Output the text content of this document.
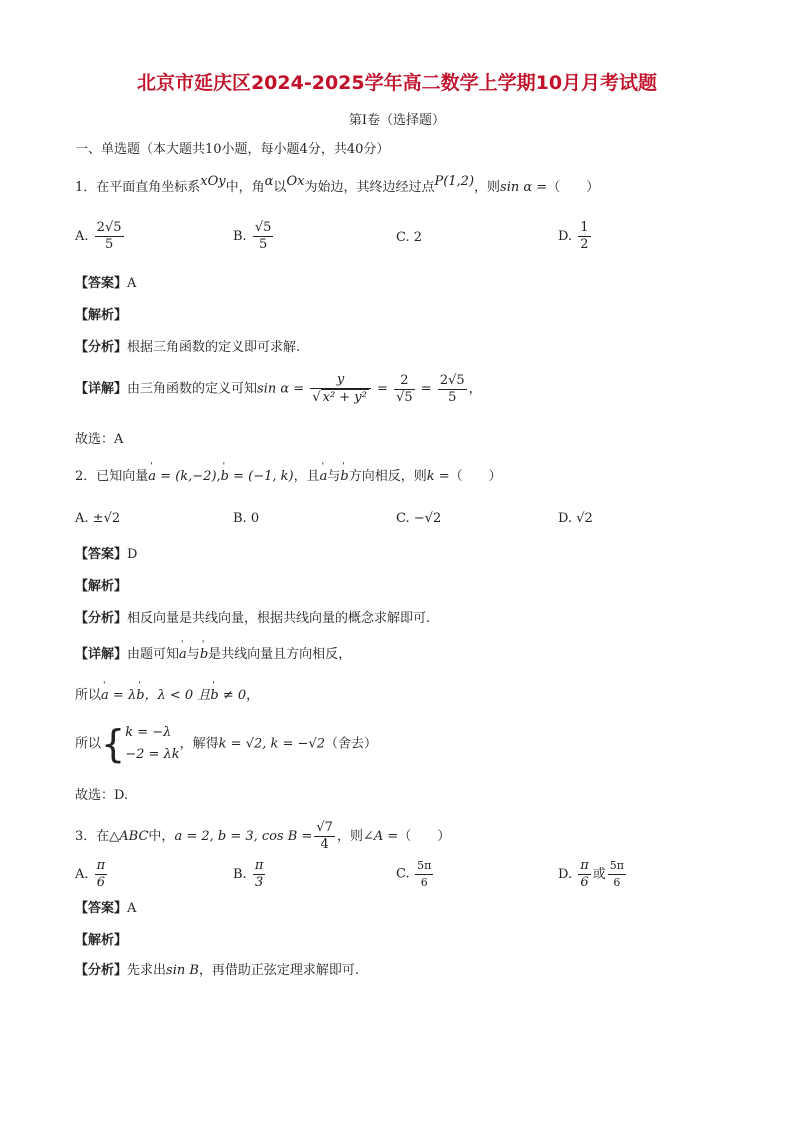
北京市延庆区2024-2025学年高二数学上学期10月月考试题
第I卷（选择题）
一、单选题（本大题共10小题，每小题4分，共40分）
1．在平面直角坐标系xOy中，角α以Ox为始边，其终边经过点P(1,2)，则sin α =（　　）
A. $\frac{2√5}{5}$	B. $\frac{√5}{5}$	C. 2	D. $\frac{1}{2}$
【答案】A
【解析】
【分析】根据三角函数的定义即可求解.
【详解】由三角函数的定义可知$\sin \alpha = \frac{y}{\text{√ x² + y²}} = \frac{2}{√5} = \frac{2√5}{5}$ ，
故选：A
2．已知向量' a = (k,−2),' b = (−1, k)，且' a与' b方向相反，则k =（　　）
A. ±√2	B. 0	C. −√2	D. √2
【答案】D
【解析】
【分析】相反向量是共线向量，根据共线向量的概念求解即可.
【详解】由题可知' a与' b是共线向量且方向相反，
所以' a = λ' b，λ < 0 且' b ≠ 0，
所以{ k = −λ
−2 = λk
，解得k = √2, k = −√2（舍去）
故选：D.
3．在△ABC中，a = 2, b = 3, $\cos B = \frac{√7}{4}$ ，则∠A =（　　）
A. $\frac{\pi}{6}$	B. $\frac{\pi}{3}$	C. $\frac{5\pi}{6}$	D. $\frac{\pi}{6}$ 或 $\frac{5\pi}{6}$
【答案】A
【解析】
【分析】先求出sin B，再借助正弦定理求解即可.
